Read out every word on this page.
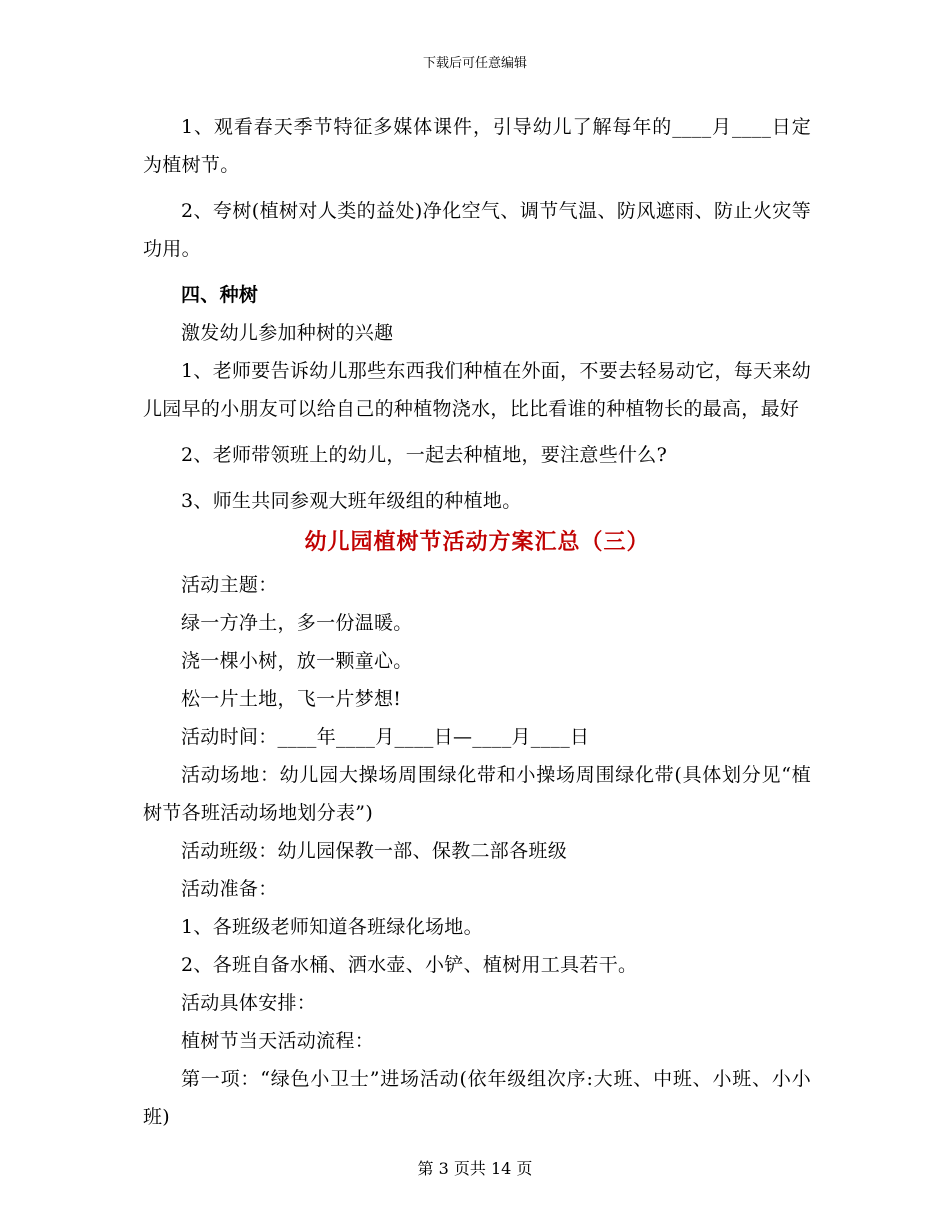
下载后可任意编辑

1、观看春天季节特征多媒体课件，引导幼儿了解每年的____月____日定为植树节。

2、夸树(植树对人类的益处)净化空气、调节气温、防风遮雨、防止火灾等功用。

四、种树

激发幼儿参加种树的兴趣

1、老师要告诉幼儿那些东西我们种植在外面，不要去轻易动它，每天来幼儿园早的小朋友可以给自己的种植物浇水，比比看谁的种植物长的最高，最好

2、老师带领班上的幼儿，一起去种植地，要注意些什么?

3、师生共同参观大班年级组的种植地。

幼儿园植树节活动方案汇总（三）

活动主题：

绿一方净土，多一份温暖。

浇一棵小树，放一颗童心。

松一片土地，飞一片梦想!

活动时间：____年____月____日—____月____日

活动场地：幼儿园大操场周围绿化带和小操场周围绿化带(具体划分见“植树节各班活动场地划分表”)

活动班级：幼儿园保教一部、保教二部各班级

活动准备：

1、各班级老师知道各班绿化场地。

2、各班自备水桶、洒水壶、小铲、植树用工具若干。

活动具体安排：

植树节当天活动流程：

第一项：“绿色小卫士”进场活动(依年级组次序:大班、中班、小班、小小班)

第 3 页共 14 页
